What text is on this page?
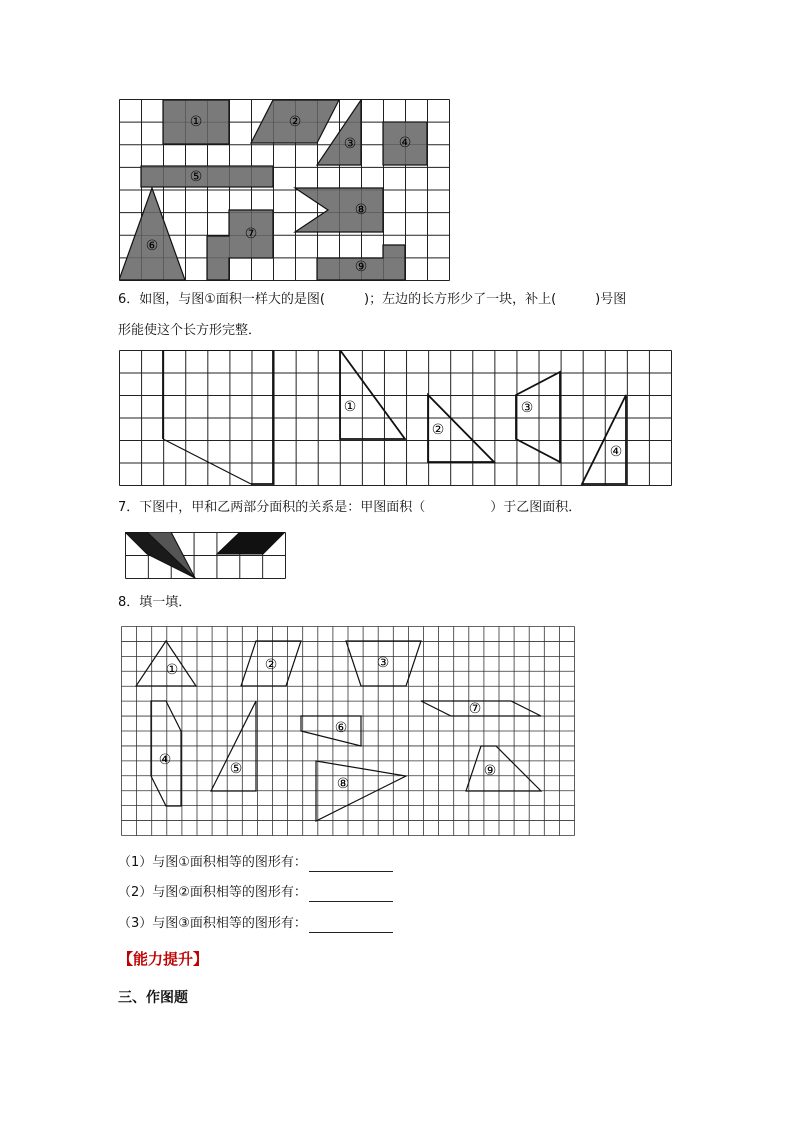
①	②
③	④
⑤
⑥
⑦
⑧
⑨
6．如图，与图①面积一样大的是图(　　　)；左边的长方形少了一块，补上(　　　)号图
形能使这个长方形完整．
①
②
③
④
7．下图中，甲和乙两部分面积的关系是：甲图面积（　　　　　）于乙图面积．
8．填一填．
①	②	③
④
⑤
⑥
⑦
⑧
⑨
（1）与图①面积相等的图形有：
（2）与图②面积相等的图形有：
（3）与图③面积相等的图形有：
【能力提升】
三、作图题
